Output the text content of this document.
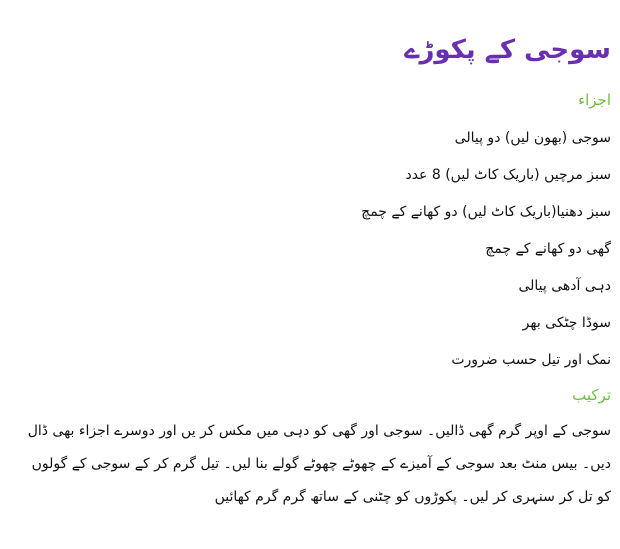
سوجی کے پکوڑے
اجزاء
سوجی (بھون لیں) دو پیالی
سبز مرچیں (باریک کاٹ لیں) 8 عدد
سبز دھنیا(باریک کاٹ لیں) دو کھانے کے چمچ
گھی دو کھانے کے چمچ
دہی آدھی پیالی
سوڈا چٹکی بھر
نمک اور تیل حسب ضرورت
ترکیب

سوجی کے اوپر گرم گھی ڈالیں۔ سوجی اور گھی کو دہی میں مکس کر یں اور دوسرے اجزاء بھی ڈال دیں۔ بیس منٹ بعد سوجی کے آمیزے کے چھوٹے چھوٹے گولے بنا لیں۔ تیل گرم کر کے سوجی کے گولوں کو تل کر سنہری کر لیں۔ پکوڑوں کو چٹنی کے ساتھ گرم گرم کھائیں
